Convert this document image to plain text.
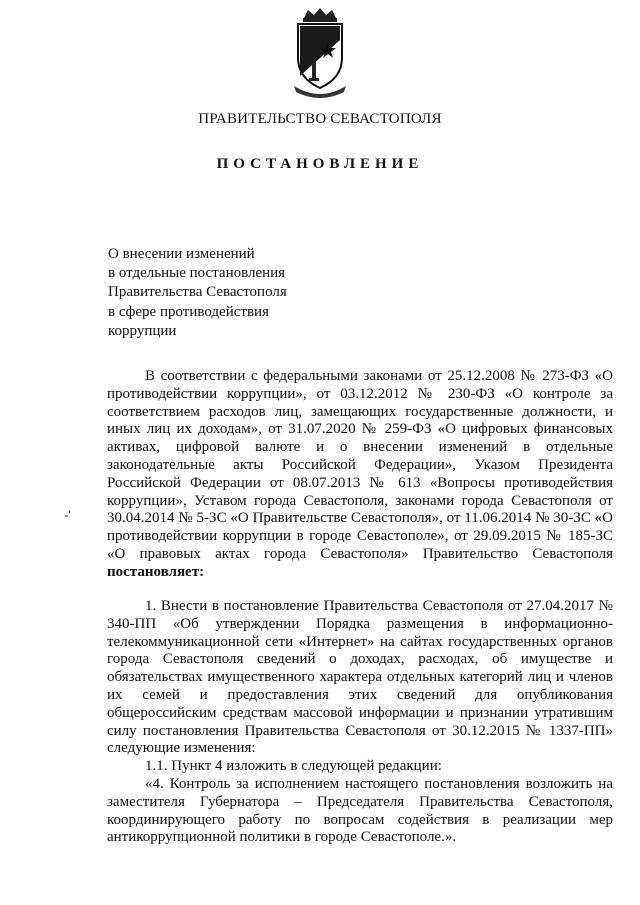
ПРАВИТЕЛЬСТВО СЕВАСТОПОЛЯ
ПОСТАНОВЛЕНИЕ
О внесении изменений
в отдельные постановления
Правительства Севастополя
в сфере противодействия
коррупции

В соответствии с федеральными законами от 25.12.2008 № 273-ФЗ «О противодействии коррупции», от 03.12.2012 № 230-ФЗ «О контроле за соответствием расходов лиц, замещающих государственные должности, и иных лиц их доходам», от 31.07.2020 № 259-ФЗ «О цифровых финансовых активах, цифровой валюте и о внесении изменений в отдельные законодательные акты Российской Федерации», Указом Президента Российской Федерации от 08.07.2013 № 613 «Вопросы противодействия коррупции», Уставом города Севастополя, законами города Севастополя от 30.04.2014 № 5-ЗС «О Правительстве Севастополя», от 11.06.2014 № 30-ЗС «О противодействии коррупции в городе Севастополе», от 29.09.2015 № 185-ЗС «О правовых актах города Севастополя» Правительство Севастополя постановляет:

-'

1. Внести в постановление Правительства Севастополя от 27.04.2017 № 340-ПП «Об утверждении Порядка размещения в информационно-телекоммуникационной сети «Интернет» на сайтах государственных органов города Севастополя сведений о доходах, расходах, об имуществе и обязательствах имущественного характера отдельных категорий лиц и членов их семей и предоставления этих сведений для опубликования общероссийским средствам массовой информации и признании утратившим силу постановления Правительства Севастополя от 30.12.2015 № 1337-ПП» следующие изменения:

1.1. Пункт 4 изложить в следующей редакции:

«4. Контроль за исполнением настоящего постановления возложить на заместителя Губернатора – Председателя Правительства Севастополя, координирующего работу по вопросам содействия в реализации мер антикоррупционной политики в городе Севастополе.».
